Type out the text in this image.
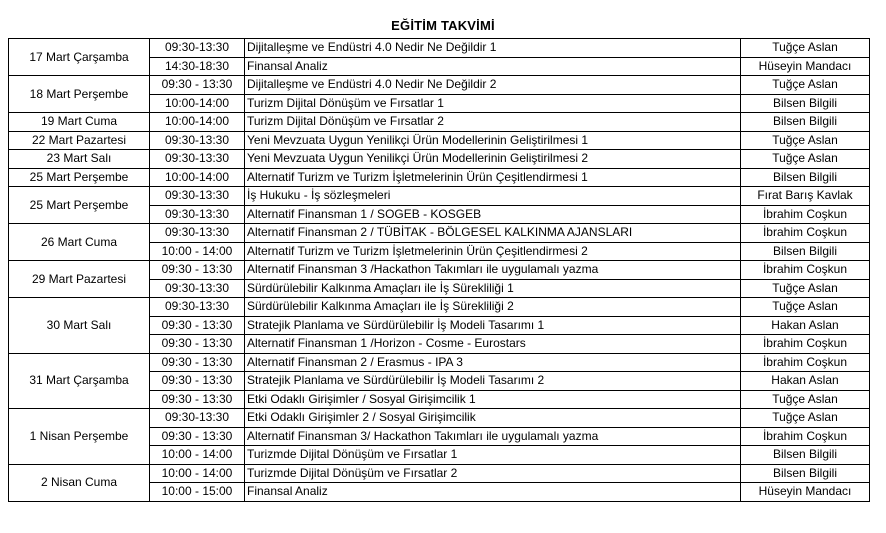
EĞİTİM TAKVİMİ
17 Mart Çarşamba	09:30-13:30	Dijitalleşme ve Endüstri 4.0 Nedir Ne Değildir 1	Tuğçe Aslan
	14:30-18:30	Finansal Analiz	Hüseyin Mandacı
18 Mart Perşembe	09:30 - 13:30	Dijitalleşme ve Endüstri 4.0 Nedir Ne Değildir 2	Tuğçe Aslan
	10:00-14:00	Turizm Dijital Dönüşüm ve Fırsatlar 1	Bilsen Bilgili
19 Mart Cuma	10:00-14:00	Turizm Dijital Dönüşüm ve Fırsatlar 2	Bilsen Bilgili
22 Mart Pazartesi	09:30-13:30	Yeni Mevzuata Uygun Yenilikçi Ürün Modellerinin Geliştirilmesi 1	Tuğçe Aslan
23 Mart Salı	09:30-13:30	Yeni Mevzuata Uygun Yenilikçi Ürün Modellerinin Geliştirilmesi 2	Tuğçe Aslan
25 Mart Perşembe	10:00-14:00	Alternatif Turizm ve Turizm İşletmelerinin Ürün Çeşitlendirmesi 1	Bilsen Bilgili
25 Mart Perşembe	09:30-13:30	İş Hukuku - İş sözleşmeleri	Fırat Barış Kavlak
	09:30-13:30	Alternatif Finansman 1 / SOGEB - KOSGEB	İbrahim Coşkun
26 Mart Cuma	09:30-13:30	Alternatif Finansman 2 / TÜBİTAK - BÖLGESEL KALKINMA AJANSLARI	İbrahim Coşkun
	10:00 - 14:00	Alternatif Turizm ve Turizm İşletmelerinin Ürün Çeşitlendirmesi 2	Bilsen Bilgili
29 Mart Pazartesi	09:30 - 13:30	Alternatif Finansman 3 /Hackathon Takımları ile uygulamalı yazma	İbrahim Coşkun
	09:30-13:30	Sürdürülebilir Kalkınma Amaçları ile İş Sürekliliği 1	Tuğçe Aslan
30 Mart Salı	09:30-13:30	Sürdürülebilir Kalkınma Amaçları ile İş Sürekliliği 2	Tuğçe Aslan
	09:30 - 13:30	Stratejik Planlama ve Sürdürülebilir İş Modeli Tasarımı 1	Hakan Aslan
	09:30 - 13:30	Alternatif Finansman 1 /Horizon - Cosme - Eurostars	İbrahim Coşkun
31 Mart Çarşamba	09:30 - 13:30	Alternatif Finansman 2 / Erasmus - IPA 3	İbrahim Coşkun
	09:30 - 13:30	Stratejik Planlama ve Sürdürülebilir İş Modeli Tasarımı 2	Hakan Aslan
	09:30 - 13:30	Etki Odaklı Girişimler / Sosyal Girişimcilik 1	Tuğçe Aslan
1 Nisan Perşembe	09:30-13:30	Etki Odaklı Girişimler 2 / Sosyal Girişimcilik	Tuğçe Aslan
	09:30 - 13:30	Alternatif Finansman 3/ Hackathon Takımları ile uygulamalı yazma	İbrahim Coşkun
	10:00 - 14:00	Turizmde Dijital Dönüşüm ve Fırsatlar 1	Bilsen Bilgili
2 Nisan Cuma	10:00 - 14:00	Turizmde Dijital Dönüşüm ve Fırsatlar 2	Bilsen Bilgili
	10:00 - 15:00	Finansal Analiz	Hüseyin Mandacı
